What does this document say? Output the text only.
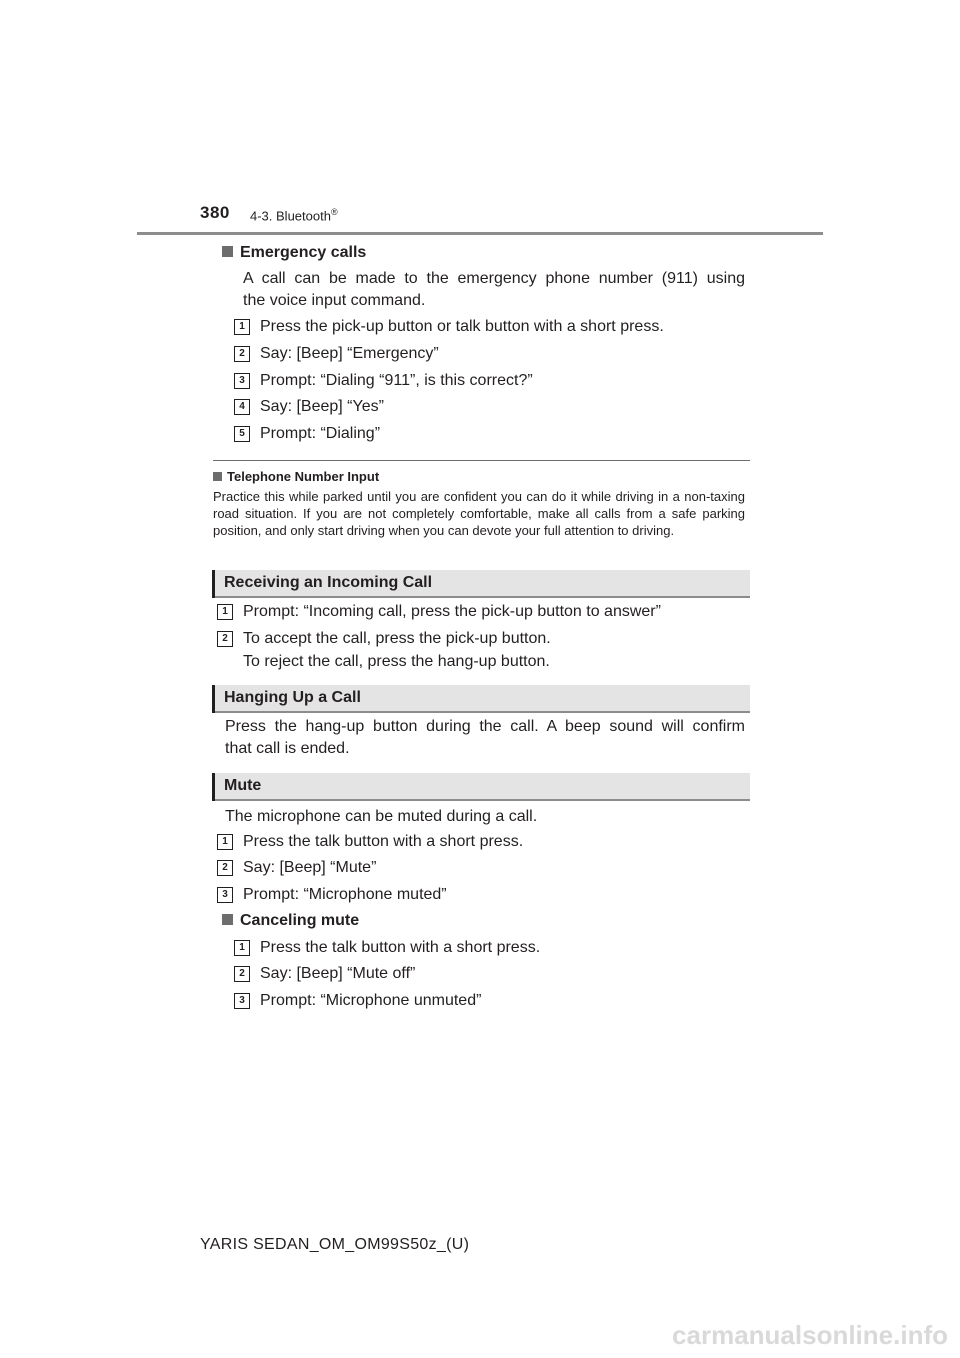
380 4-3. Bluetooth®
Emergency calls
A call can be made to the emergency phone number (911) using
the voice input command.
1 Press the pick-up button or talk button with a short press.
2 Say: [Beep] “Emergency”
3 Prompt: “Dialing “911”, is this correct?”
4 Say: [Beep] “Yes”
5 Prompt: “Dialing”
Telephone Number Input
Practice this while parked until you are confident you can do it while driving in a non-taxing road situation. If you are not completely comfortable, make all calls from a safe parking position, and only start driving when you can devote your full attention to driving.
Receiving an Incoming Call
1 Prompt: “Incoming call, press the pick-up button to answer”
2 To accept the call, press the pick-up button.
To reject the call, press the hang-up button.
Hanging Up a Call
Press the hang-up button during the call. A beep sound will confirm
that call is ended.
Mute
The microphone can be muted during a call.
1 Press the talk button with a short press.
2 Say: [Beep] “Mute”
3 Prompt: “Microphone muted”
Canceling mute
1 Press the talk button with a short press.
2 Say: [Beep] “Mute off”
3 Prompt: “Microphone unmuted”
YARIS SEDAN_OM_OM99S50z_(U)
carmanualsonline.info
